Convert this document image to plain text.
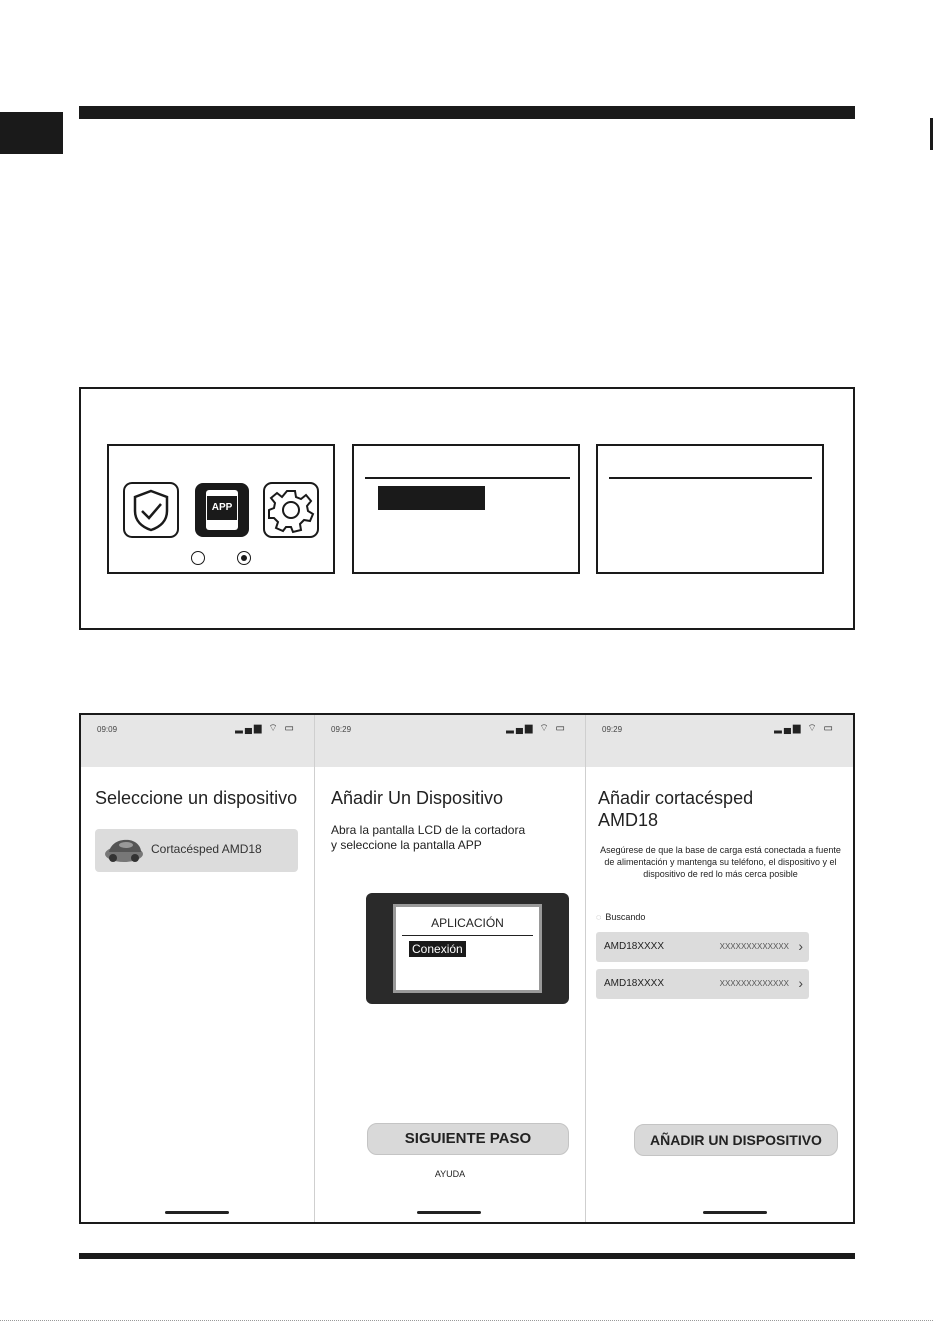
APP
09:09	▂▄▆ ⌔ ▭
Seleccione un dispositivo
Cortacésped AMD18
09:29	▂▄▆ ⌔ ▭
Añadir Un Dispositivo
Abra la pantalla LCD de la cortadora y seleccione la pantalla APP
APLICACIÓN
Conexión
SIGUIENTE PASO
AYUDA
09:29	▂▄▆ ⌔ ▭
Añadir cortacésped AMD18
Asegúrese de que la base de carga está conectada a fuente de alimentación y mantenga su teléfono, el dispositivo y el dispositivo de red lo más cerca posible
◌ Buscando
AMD18XXXX	XXXXXXXXXXXXX ›
AMD18XXXX	XXXXXXXXXXXXX ›
AÑADIR UN DISPOSITIVO
